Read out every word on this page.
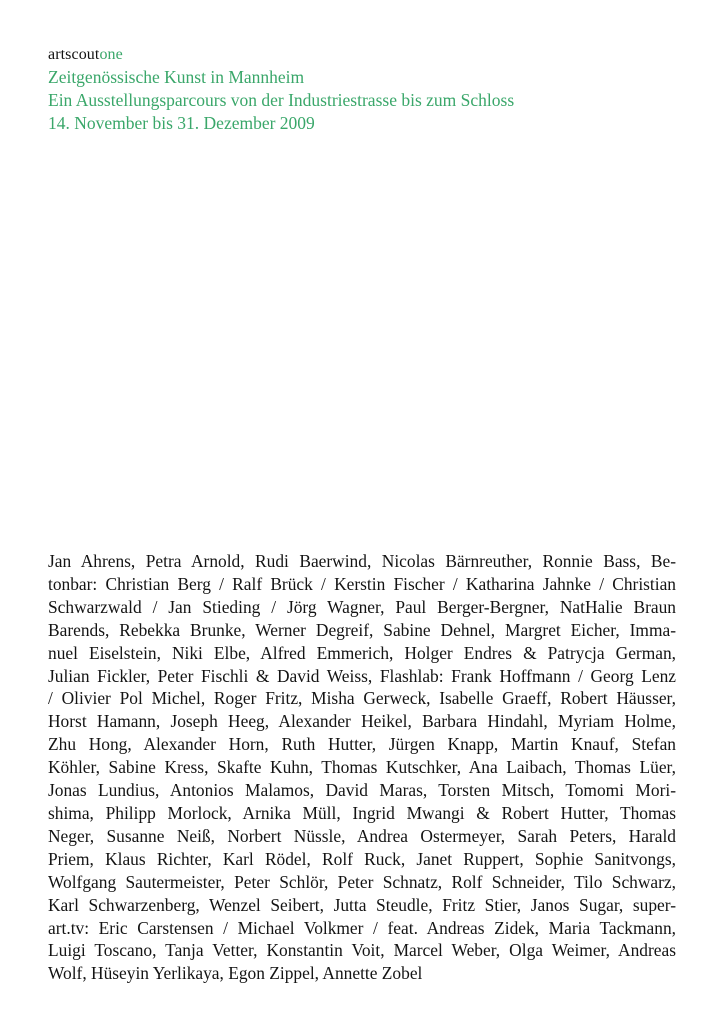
artscoutone
Zeitgenössische Kunst in Mannheim
Ein Ausstellungsparcours von der Industriestrasse bis zum Schloss
14. November bis 31. Dezember 2009
Jan Ahrens, Petra Arnold, Rudi Baerwind, Nicolas Bärnreuther, Ronnie Bass, Be-
tonbar: Christian Berg / Ralf Brück / Kerstin Fischer / Katharina Jahnke / Christian
Schwarzwald / Jan Stieding / Jörg Wagner, Paul Berger-Bergner, NatHalie Braun
Barends, Rebekka Brunke, Werner Degreif, Sabine Dehnel, Margret Eicher, Imma-
nuel Eiselstein, Niki Elbe, Alfred Emmerich, Holger Endres & Patrycja German,
Julian Fickler, Peter Fischli & David Weiss, Flashlab: Frank Hoffmann / Georg Lenz
/ Olivier Pol Michel, Roger Fritz, Misha Gerweck, Isabelle Graeff, Robert Häusser,
Horst Hamann, Joseph Heeg, Alexander Heikel, Barbara Hindahl, Myriam Holme,
Zhu Hong, Alexander Horn, Ruth Hutter, Jürgen Knapp, Martin Knauf, Stefan
Köhler, Sabine Kress, Skafte Kuhn, Thomas Kutschker, Ana Laibach, Thomas Lüer,
Jonas Lundius, Antonios Malamos, David Maras, Torsten Mitsch, Tomomi Mori-
shima, Philipp Morlock, Arnika Müll, Ingrid Mwangi & Robert Hutter, Thomas
Neger, Susanne Neiß, Norbert Nüssle, Andrea Ostermeyer, Sarah Peters, Harald
Priem, Klaus Richter, Karl Rödel, Rolf Ruck, Janet Ruppert, Sophie Sanitvongs,
Wolfgang Sautermeister, Peter Schlör, Peter Schnatz, Rolf Schneider, Tilo Schwarz,
Karl Schwarzenberg, Wenzel Seibert, Jutta Steudle, Fritz Stier, Janos Sugar, super-
art.tv: Eric Carstensen / Michael Volkmer / feat. Andreas Zidek, Maria Tackmann,
Luigi Toscano, Tanja Vetter, Konstantin Voit, Marcel Weber, Olga Weimer, Andreas
Wolf, Hüseyin Yerlikaya, Egon Zippel, Annette Zobel
